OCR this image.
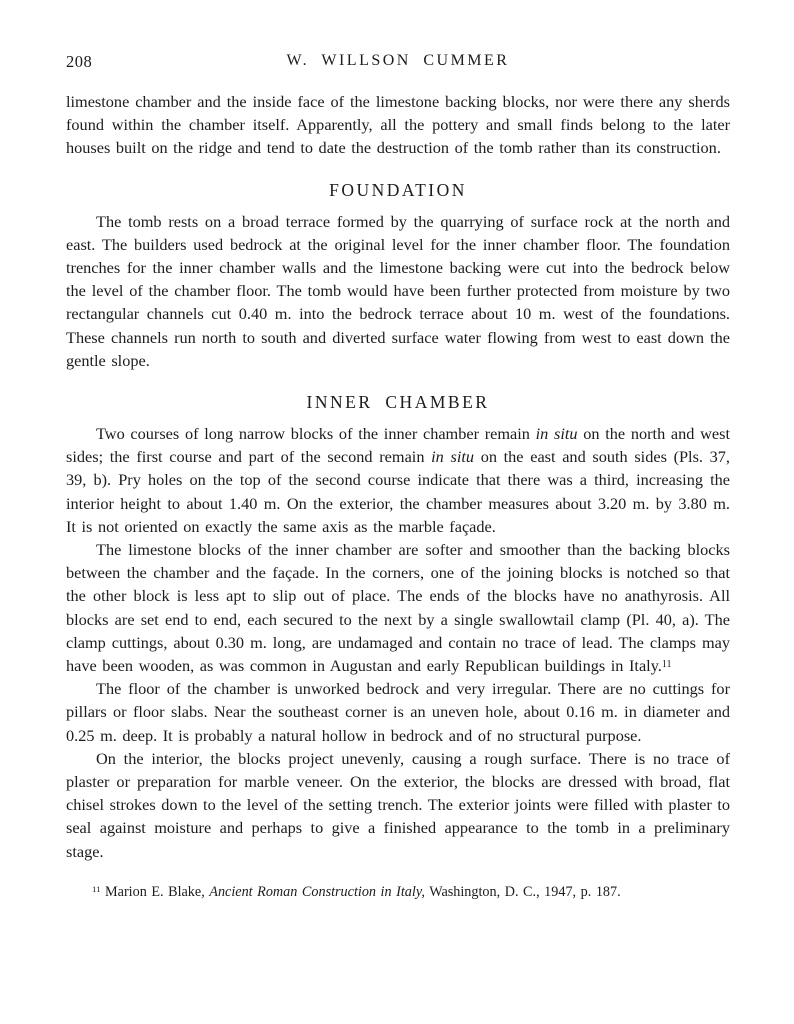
208	W. WILLSON CUMMER

limestone chamber and the inside face of the limestone backing blocks, nor were there any sherds found within the chamber itself. Apparently, all the pottery and small finds belong to the later houses built on the ridge and tend to date the destruction of the tomb rather than its construction.

FOUNDATION

The tomb rests on a broad terrace formed by the quarrying of surface rock at the north and east. The builders used bedrock at the original level for the inner chamber floor. The foundation trenches for the inner chamber walls and the limestone backing were cut into the bedrock below the level of the chamber floor. The tomb would have been further protected from moisture by two rectangular channels cut 0.40 m. into the bedrock terrace about 10 m. west of the foundations. These channels run north to south and diverted surface water flowing from west to east down the gentle slope.

INNER CHAMBER

Two courses of long narrow blocks of the inner chamber remain in situ on the north and west sides; the first course and part of the second remain in situ on the east and south sides (Pls. 37, 39, b). Pry holes on the top of the second course indicate that there was a third, increasing the interior height to about 1.40 m. On the exterior, the chamber measures about 3.20 m. by 3.80 m. It is not oriented on exactly the same axis as the marble façade.

The limestone blocks of the inner chamber are softer and smoother than the backing blocks between the chamber and the façade. In the corners, one of the joining blocks is notched so that the other block is less apt to slip out of place. The ends of the blocks have no anathyrosis. All blocks are set end to end, each secured to the next by a single swallowtail clamp (Pl. 40, a). The clamp cuttings, about 0.30 m. long, are undamaged and contain no trace of lead. The clamps may have been wooden, as was common in Augustan and early Republican buildings in Italy.$^{11}$

The floor of the chamber is unworked bedrock and very irregular. There are no cuttings for pillars or floor slabs. Near the southeast corner is an uneven hole, about 0.16 m. in diameter and 0.25 m. deep. It is probably a natural hollow in bedrock and of no structural purpose.

On the interior, the blocks project unevenly, causing a rough surface. There is no trace of plaster or preparation for marble veneer. On the exterior, the blocks are dressed with broad, flat chisel strokes down to the level of the setting trench. The exterior joints were filled with plaster to seal against moisture and perhaps to give a finished appearance to the tomb in a preliminary stage.

$^{11}$ Marion E. Blake, Ancient Roman Construction in Italy, Washington, D. C., 1947, p. 187.
